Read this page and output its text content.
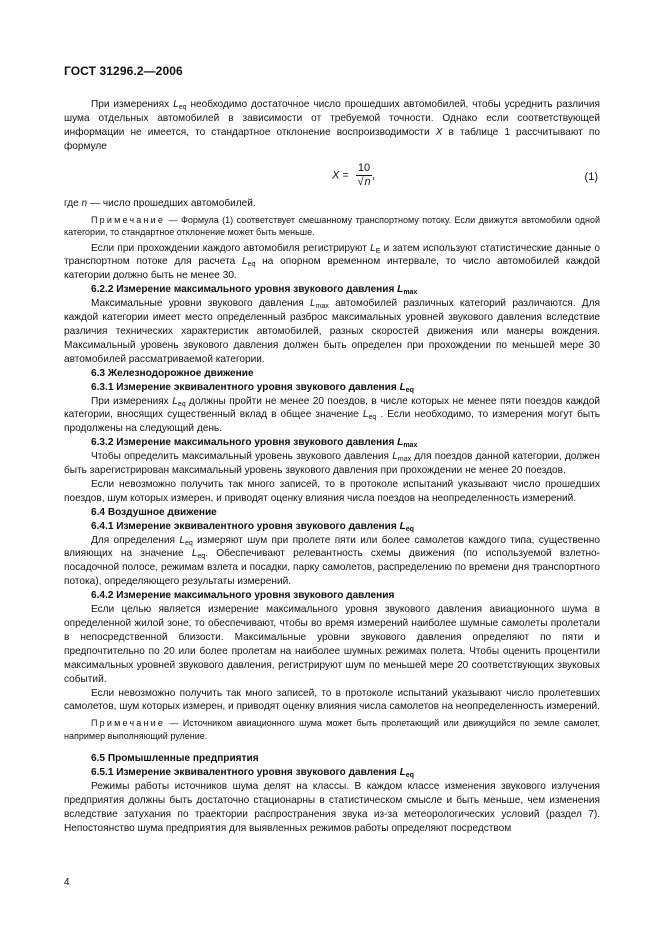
ГОСТ 31296.2—2006

При измерениях $L_{eq}$ необходимо достаточное число прошедших автомобилей, чтобы усреднить различия шума отдельных автомобилей в зависимости от требуемой точности. Однако если соответствующей информации не имеется, то стандартное отклонение воспроизводимости X в таблице 1 рассчитывают по формуле

$X = \frac{10}{√n}$ ,	(1)

где n — число прошедших автомобилей.

Примечание — Формула (1) соответствует смешанному транспортному потоку. Если движутся автомобили одной категории, то стандартное отклонение может быть меньше.

Если при прохождении каждого автомобиля регистрируют $L_E$ и затем используют статистические данные о транспортном потоке для расчета $L_{eq}$ на опорном временном интервале, то число автомобилей каждой категории должно быть не менее 30.

6.2.2 Измерение максимального уровня звукового давления $L_{max}$

Максимальные уровни звукового давления $L_{max}$ автомобилей различных категорий различаются. Для каждой категории имеет место определенный разброс максимальных уровней звукового давления вследствие различия технических характеристик автомобилей, разных скоростей движения или манеры вождения. Максимальный уровень звукового давления должен быть определен при прохождении по меньшей мере 30 автомобилей рассматриваемой категории.

6.3 Железнодорожное движение

6.3.1 Измерение эквивалентного уровня звукового давления $L_{eq}$

При измерениях $L_{eq}$ должны пройти не менее 20 поездов, в числе которых не менее пяти поездов каждой категории, вносящих существенный вклад в общее значение $L_{eq}$ . Если необходимо, то измерения могут быть продолжены на следующий день.

6.3.2 Измерение максимального уровня звукового давления $L_{max}$

Чтобы определить максимальный уровень звукового давления $L_{max}$ для поездов данной категории, должен быть зарегистрирован максимальный уровень звукового давления при прохождении не менее 20 поездов.

Если невозможно получить так много записей, то в протоколе испытаний указывают число прошедших поездов, шум которых измерен, и приводят оценку влияния числа поездов на неопределенность измерений.

6.4 Воздушное движение

6.4.1 Измерение эквивалентного уровня звукового давления $L_{eq}$

Для определения $L_{eq}$ измеряют шум при пролете пяти или более самолетов каждого типа, существенно влияющих на значение $L_{eq}$. Обеспечивают релевантность схемы движения (по используемой взлетно-посадочной полосе, режимам взлета и посадки, парку самолетов, распределению по времени дня транспортного потока), определяющего результаты измерений.

6.4.2 Измерение максимального уровня звукового давления

Если целью является измерение максимального уровня звукового давления авиационного шума в определенной жилой зоне, то обеспечивают, чтобы во время измерений наиболее шумные самолеты пролетали в непосредственной близости. Максимальные уровни звукового давления определяют по пяти и предпочтительно по 20 или более пролетам на наиболее шумных режимах полета. Чтобы оценить процентили максимальных уровней звукового давления, регистрируют шум по меньшей мере 20 соответствующих звуковых событий.

Если невозможно получить так много записей, то в протоколе испытаний указывают число пролетевших самолетов, шум которых измерен, и приводят оценку влияния числа самолетов на неопределенность измерений.

Примечание — Источником авиационного шума может быть пролетающий или движущийся по земле самолет, например выполняющий руление.

6.5 Промышленные предприятия

6.5.1 Измерение эквивалентного уровня звукового давления $L_{eq}$

Режимы работы источников шума делят на классы. В каждом классе изменения звукового излучения предприятия должны быть достаточно стационарны в статистическом смысле и быть меньше, чем изменения вследствие затухания по траектории распространения звука из-за метеорологических условий (раздел 7). Непостоянство шума предприятия для выявленных режимов работы определяют посредством

4
